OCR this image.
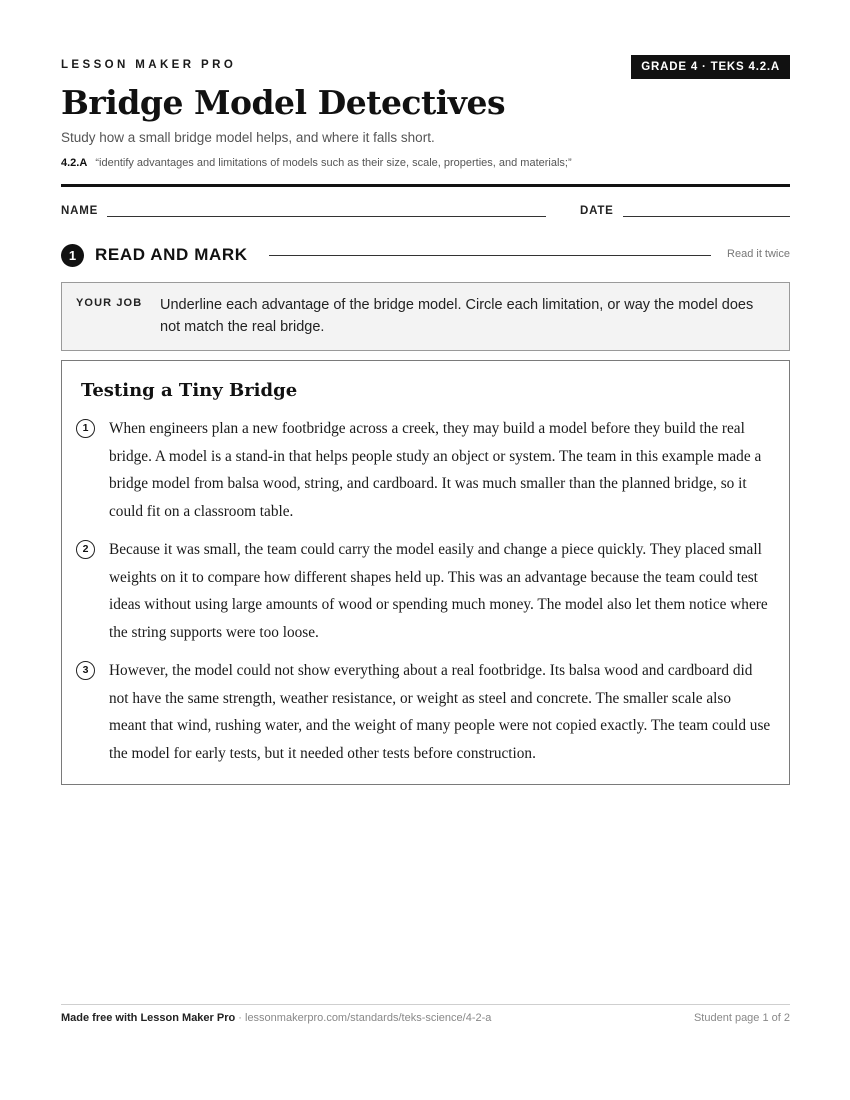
LESSON MAKER PRO	GRADE 4 · TEKS 4.2.A
Bridge Model Detectives
Study how a small bridge model helps, and where it falls short.
4.2.A “identify advantages and limitations of models such as their size, scale, properties, and materials;”
NAME	DATE
1	READ AND MARK	Read it twice
YOUR JOB Underline each advantage of the bridge model. Circle each limitation, or way the model does not match the real bridge.
Testing a Tiny Bridge
1	When engineers plan a new footbridge across a creek, they may build a model before they build the real bridge. A model is a stand-in that helps people study an object or system. The team in this example made a bridge model from balsa wood, string, and cardboard. It was much smaller than the planned bridge, so it could fit on a classroom table.

2	Because it was small, the team could carry the model easily and change a piece quickly. They placed small weights on it to compare how different shapes held up. This was an advantage because the team could test ideas without using large amounts of wood or spending much money. The model also let them notice where the string supports were too loose.

3	However, the model could not show everything about a real footbridge. Its balsa wood and cardboard did not have the same strength, weather resistance, or weight as steel and concrete. The smaller scale also meant that wind, rushing water, and the weight of many people were not copied exactly. The team could use the model for early tests, but it needed other tests before construction.

Made free with Lesson Maker Pro · lessonmakerpro.com/standards/teks-science/4-2-a	Student page 1 of 2
